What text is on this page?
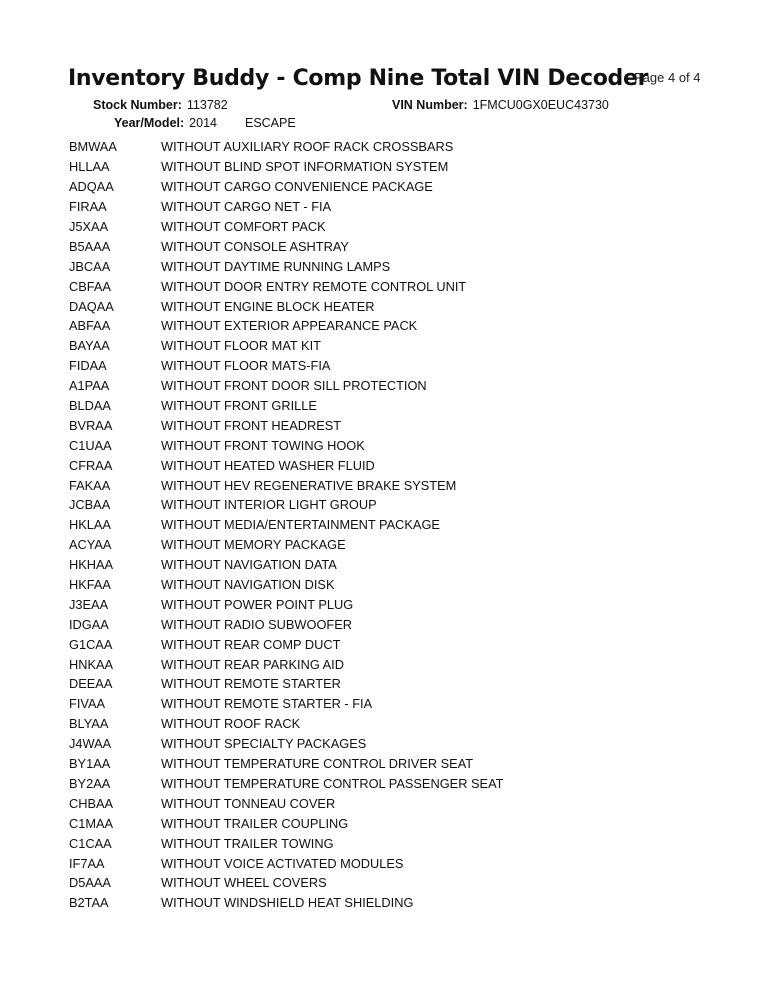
Inventory Buddy - Comp Nine Total VIN Decoder
Page 4 of 4
Stock Number: 113782	VIN Number: 1FMCU0GX0EUC43730
Year/Model: 2014 ESCAPE
BMWAA	WITHOUT AUXILIARY ROOF RACK CROSSBARS
HLLAA	WITHOUT BLIND SPOT INFORMATION SYSTEM
ADQAA	WITHOUT CARGO CONVENIENCE PACKAGE
FIRAA	WITHOUT CARGO NET - FIA
J5XAA	WITHOUT COMFORT PACK
B5AAA	WITHOUT CONSOLE ASHTRAY
JBCAA	WITHOUT DAYTIME RUNNING LAMPS
CBFAA	WITHOUT DOOR ENTRY REMOTE CONTROL UNIT
DAQAA	WITHOUT ENGINE BLOCK HEATER
ABFAA	WITHOUT EXTERIOR APPEARANCE PACK
BAYAA	WITHOUT FLOOR MAT KIT
FIDAA	WITHOUT FLOOR MATS-FIA
A1PAA	WITHOUT FRONT DOOR SILL PROTECTION
BLDAA	WITHOUT FRONT GRILLE
BVRAA	WITHOUT FRONT HEADREST
C1UAA	WITHOUT FRONT TOWING HOOK
CFRAA	WITHOUT HEATED WASHER FLUID
FAKAA	WITHOUT HEV REGENERATIVE BRAKE SYSTEM
JCBAA	WITHOUT INTERIOR LIGHT GROUP
HKLAA	WITHOUT MEDIA/ENTERTAINMENT PACKAGE
ACYAA	WITHOUT MEMORY PACKAGE
HKHAA	WITHOUT NAVIGATION DATA
HKFAA	WITHOUT NAVIGATION DISK
J3EAA	WITHOUT POWER POINT PLUG
IDGAA	WITHOUT RADIO SUBWOOFER
G1CAA	WITHOUT REAR COMP DUCT
HNKAA	WITHOUT REAR PARKING AID
DEEAA	WITHOUT REMOTE STARTER
FIVAA	WITHOUT REMOTE STARTER - FIA
BLYAA	WITHOUT ROOF RACK
J4WAA	WITHOUT SPECIALTY PACKAGES
BY1AA	WITHOUT TEMPERATURE CONTROL DRIVER SEAT
BY2AA	WITHOUT TEMPERATURE CONTROL PASSENGER SEAT
CHBAA	WITHOUT TONNEAU COVER
C1MAA	WITHOUT TRAILER COUPLING
C1CAA	WITHOUT TRAILER TOWING
IF7AA	WITHOUT VOICE ACTIVATED MODULES
D5AAA	WITHOUT WHEEL COVERS
B2TAA	WITHOUT WINDSHIELD HEAT SHIELDING
